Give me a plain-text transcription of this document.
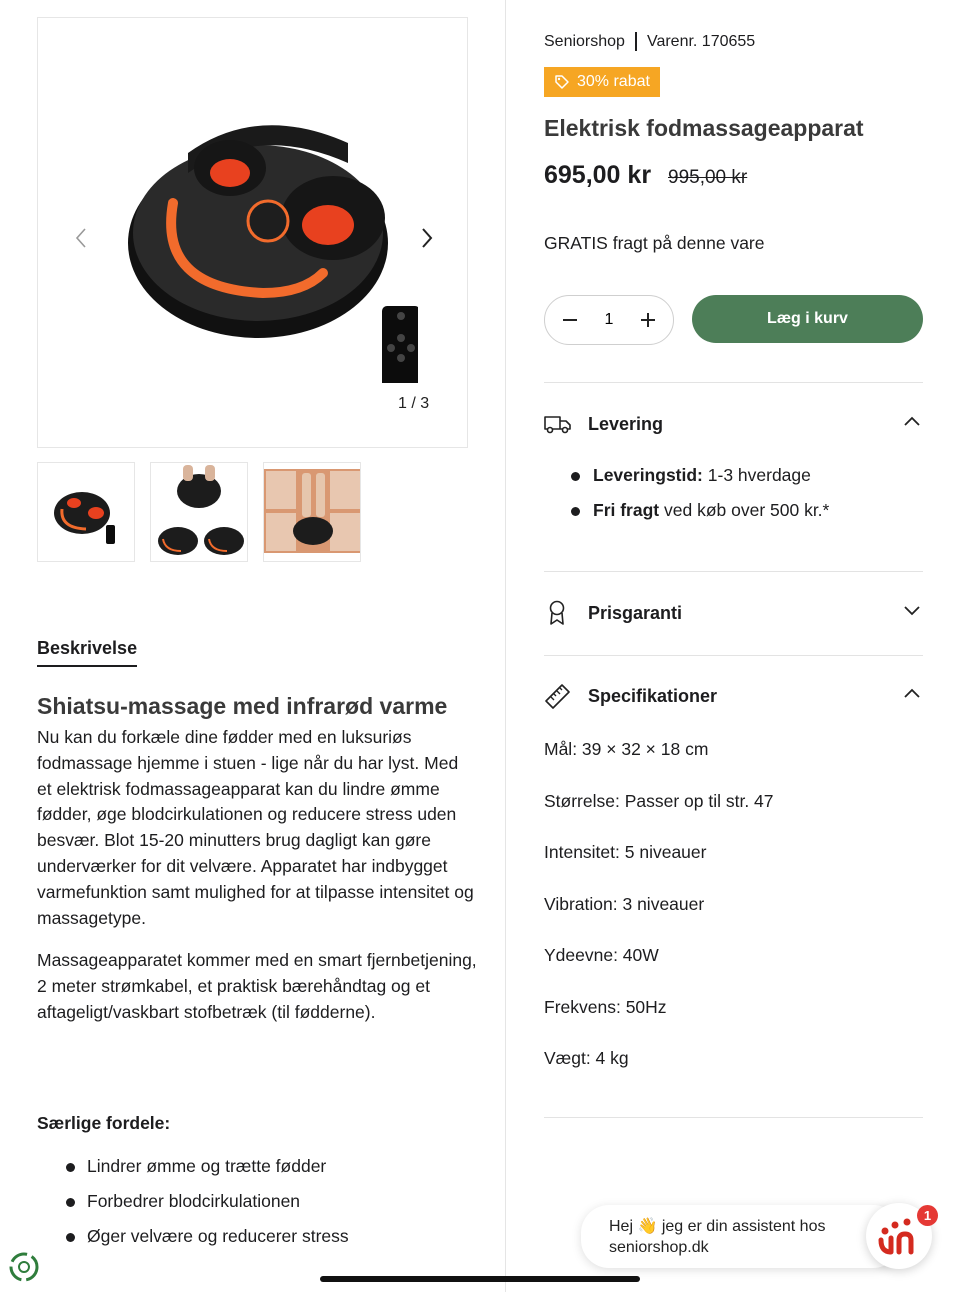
1 / 3
Beskrivelse
Shiatsu-massage med infrarød varme

Nu kan du forkæle dine fødder med en luksuriøs fodmassage hjemme i stuen - lige når du har lyst. Med et elektrisk fodmassageapparat kan du lindre ømme fødder, øge blodcirkulationen og reducere stress uden besvær. Blot 15-20 minutters brug dagligt kan gøre underværker for dit velvære. Apparatet har indbygget varmefunktion samt mulighed for at tilpasse intensitet og massagetype.

Massageapparatet kommer med en smart fjernbetjening, 2 meter strømkabel, et praktisk bærehåndtag og et aftageligt/vaskbart stofbetræk (til fødderne).

Særlige fordele:
Lindrer ømme og trætte fødder
Forbedrer blodcirkulationen
Øger velvære og reducerer stress
Seniorshop Varenr. 170655
30% rabat
Elektrisk fodmassageapparat
695,00 kr 995,00 kr
GRATIS fragt på denne vare
1
Læg i kurv
Levering
Leveringstid: 1-3 hverdage
Fri fragt ved køb over 500 kr.*
Prisgaranti
Specifikationer
Mål: 39 × 32 × 18 cm
Størrelse: Passer op til str. 47
Intensitet: 5 niveauer
Vibration: 3 niveauer
Ydeevne: 40W
Frekvens: 50Hz
Vægt: 4 kg
Hej 👋 jeg er din assistent hos
seniorshop.dk
1
